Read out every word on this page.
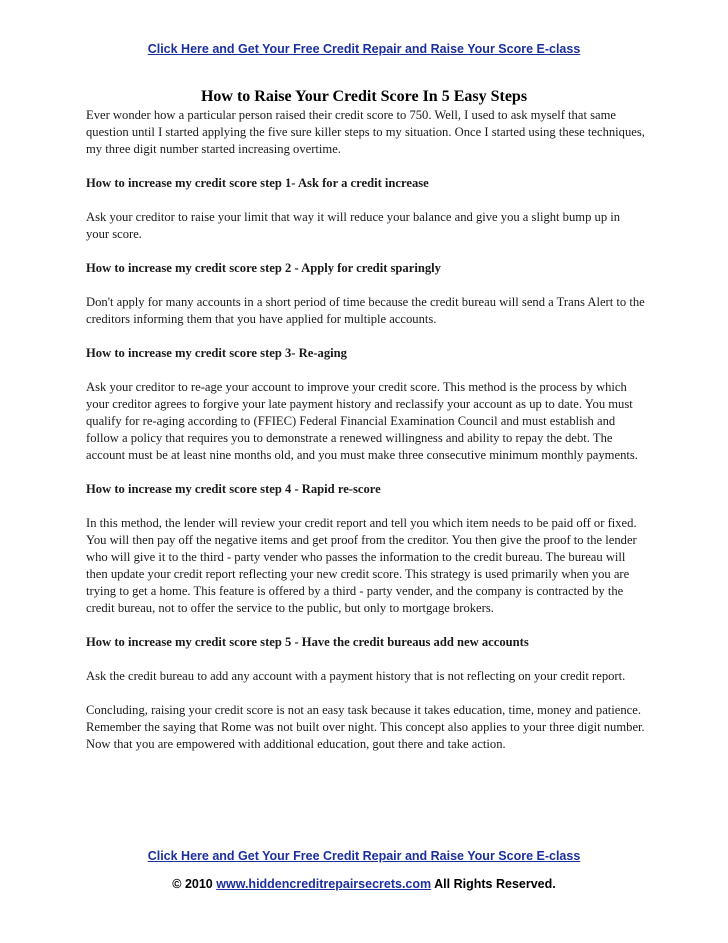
Click Here and Get Your Free Credit Repair and Raise Your Score E-class
How to Raise Your Credit Score In 5 Easy Steps

Ever wonder how a particular person raised their credit score to 750. Well, I used to ask myself that same question until I started applying the five sure killer steps to my situation. Once I started using these techniques, my three digit number started increasing overtime.

How to increase my credit score step 1- Ask for a credit increase

Ask your creditor to raise your limit that way it will reduce your balance and give you a slight bump up in your score.

How to increase my credit score step 2 - Apply for credit sparingly

Don't apply for many accounts in a short period of time because the credit bureau will send a Trans Alert to the creditors informing them that you have applied for multiple accounts.

How to increase my credit score step 3- Re-aging

Ask your creditor to re-age your account to improve your credit score. This method is the process by which your creditor agrees to forgive your late payment history and reclassify your account as up to date. You must qualify for re-aging according to (FFIEC) Federal Financial Examination Council and must establish and follow a policy that requires you to demonstrate a renewed willingness and ability to repay the debt. The account must be at least nine months old, and you must make three consecutive minimum monthly payments.

How to increase my credit score step 4 - Rapid re-score

In this method, the lender will review your credit report and tell you which item needs to be paid off or fixed. You will then pay off the negative items and get proof from the creditor. You then give the proof to the lender who will give it to the third - party vender who passes the information to the credit bureau. The bureau will then update your credit report reflecting your new credit score. This strategy is used primarily when you are trying to get a home. This feature is offered by a third - party vender, and the company is contracted by the credit bureau, not to offer the service to the public, but only to mortgage brokers.

How to increase my credit score step 5 - Have the credit bureaus add new accounts

Ask the credit bureau to add any account with a payment history that is not reflecting on your credit report.

Concluding, raising your credit score is not an easy task because it takes education, time, money and patience. Remember the saying that Rome was not built over night. This concept also applies to your three digit number. Now that you are empowered with additional education, gout there and take action.

Click Here and Get Your Free Credit Repair and Raise Your Score E-class
© 2010 www.hiddencreditrepairsecrets.com All Rights Reserved.
